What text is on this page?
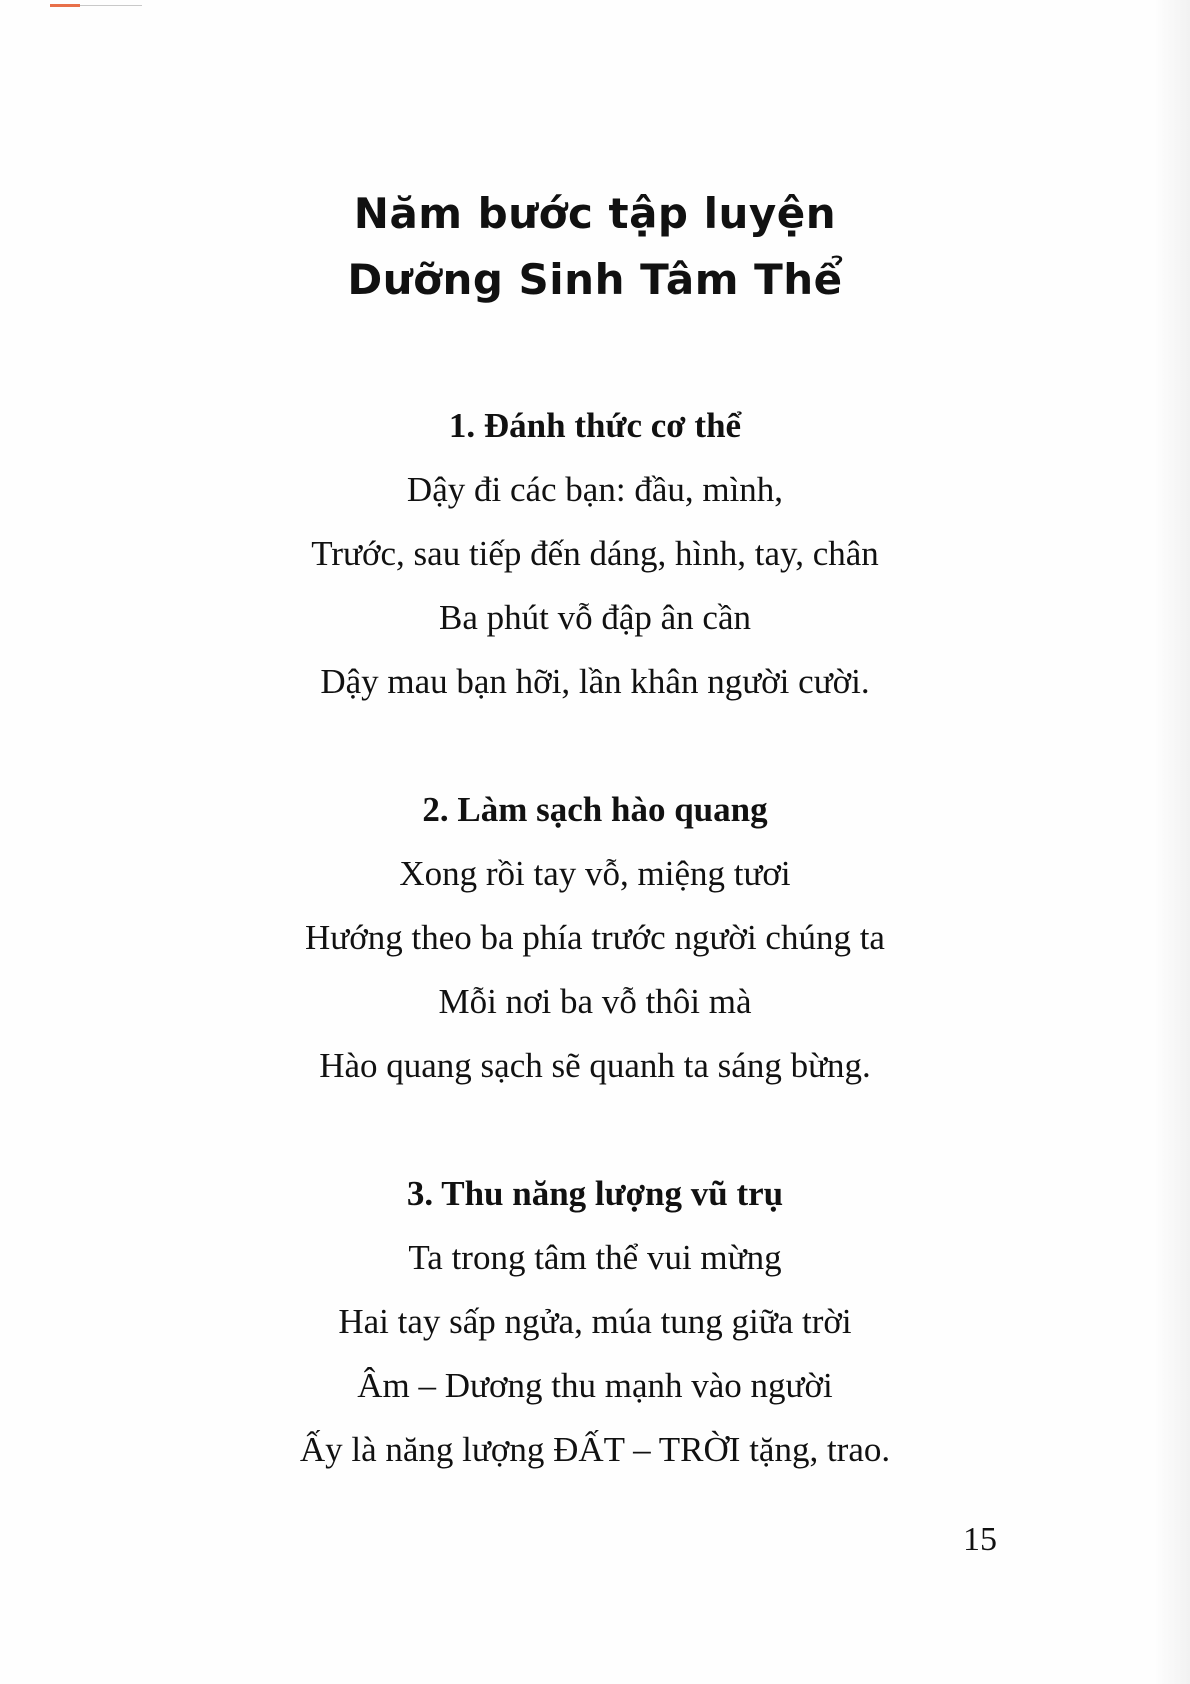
Năm bước tập luyện
Dưỡng Sinh Tâm Thể

1. Đánh thức cơ thể

Dậy đi các bạn: đầu, mình,

Trước, sau tiếp đến dáng, hình, tay, chân

Ba phút vỗ đập ân cần

Dậy mau bạn hỡi, lần khân người cười.

2. Làm sạch hào quang

Xong rồi tay vỗ, miệng tươi

Hướng theo ba phía trước người chúng ta

Mỗi nơi ba vỗ thôi mà

Hào quang sạch sẽ quanh ta sáng bừng.

3. Thu năng lượng vũ trụ

Ta trong tâm thể vui mừng

Hai tay sấp ngửa, múa tung giữa trời

Âm – Dương thu mạnh vào người

Ấy là năng lượng ĐẤT – TRỜI tặng, trao.

15
